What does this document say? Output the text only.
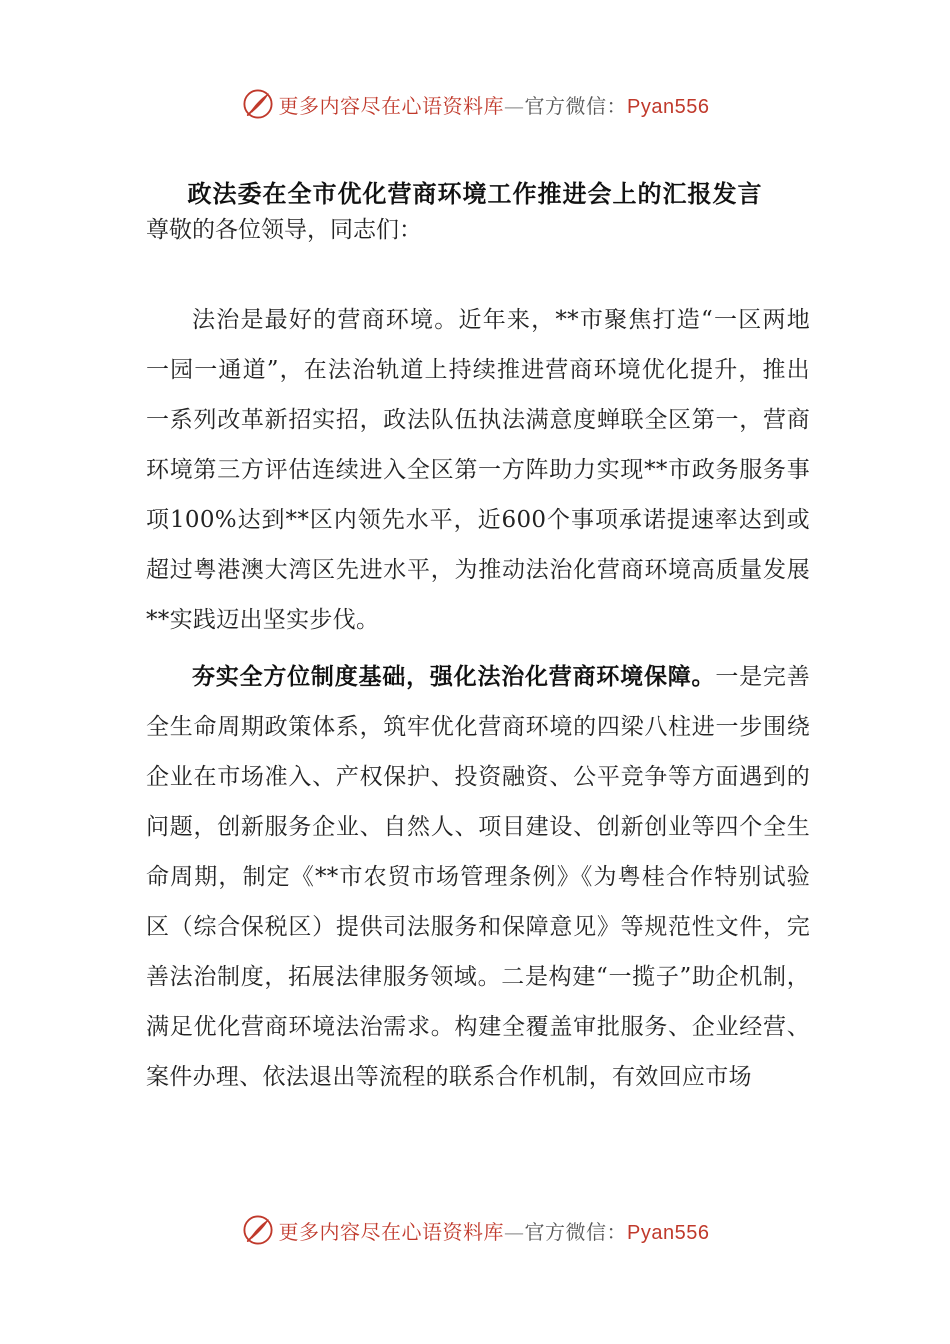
更多内容尽在心语资料库—官方微信：Pyan556
政法委在全市优化营商环境工作推进会上的汇报发言
尊敬的各位领导，同志们：

法治是最好的营商环境。近年来，**市聚焦打造“一区两地一园一通道”，在法治轨道上持续推进营商环境优化提升，推出一系列改革新招实招，政法队伍执法满意度蝉联全区第一，营商环境第三方评估连续进入全区第一方阵助力实现**市政务服务事项100%达到**区内领先水平，近600个事项承诺提速率达到或超过粤港澳大湾区先进水平，为推动法治化营商环境高质量发展**实践迈出坚实步伐。

夯实全方位制度基础，强化法治化营商环境保障。一是完善全生命周期政策体系，筑牢优化营商环境的四梁八柱进一步围绕企业在市场准入、产权保护、投资融资、公平竞争等方面遇到的问题，创新服务企业、自然人、项目建设、创新创业等四个全生命周期，制定《**市农贸市场管理条例》《为粤桂合作特别试验区（综合保税区）提供司法服务和保障意见》等规范性文件，完善法治制度，拓展法律服务领域。二是构建“一揽子”助企机制，满足优化营商环境法治需求。构建全覆盖审批服务、企业经营、案件办理、依法退出等流程的联系合作机制，有效回应市场

更多内容尽在心语资料库—官方微信：Pyan556
